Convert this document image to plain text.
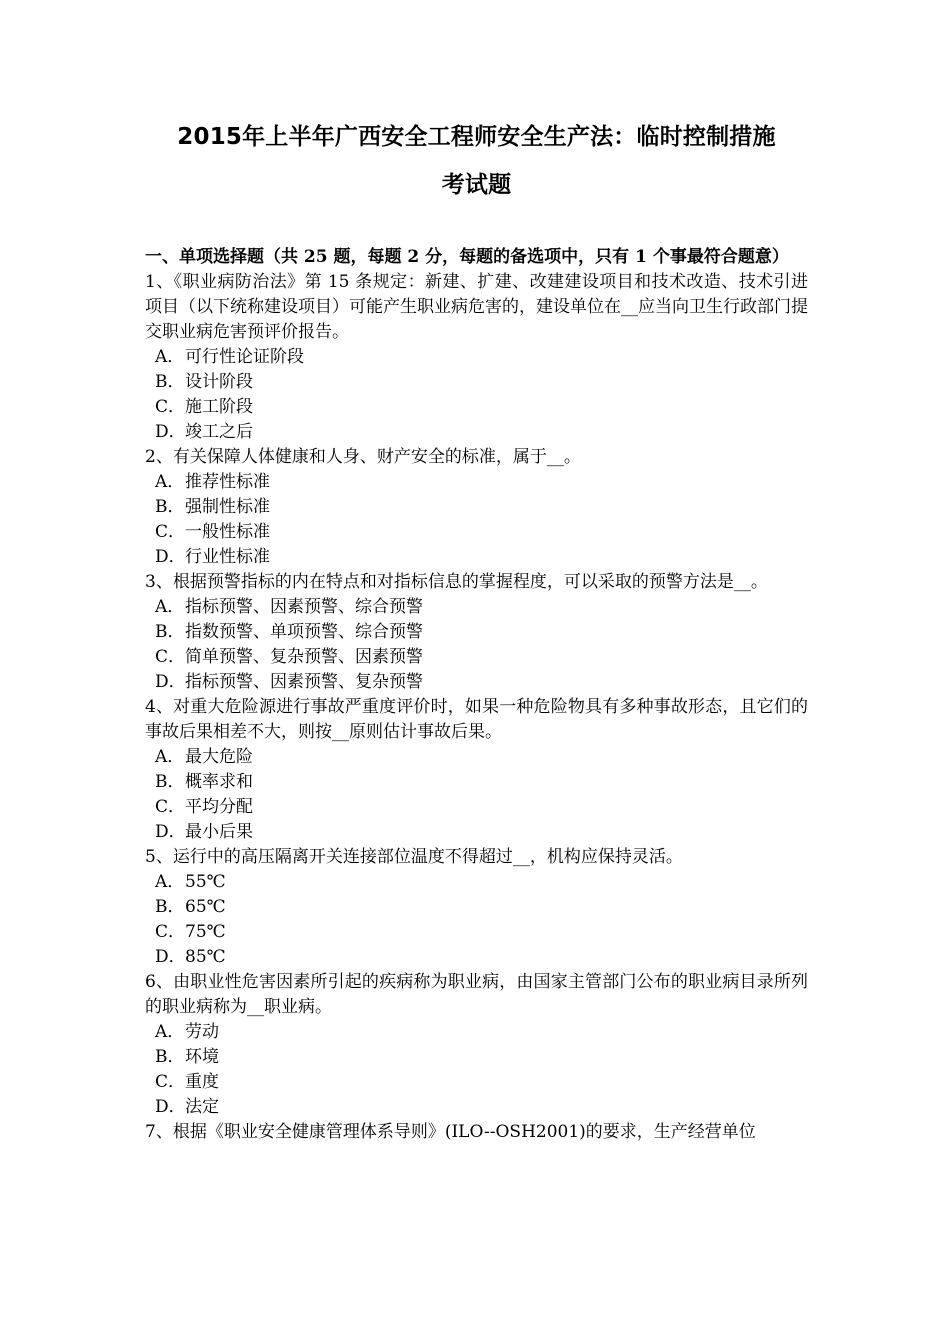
2015年上半年广西安全工程师安全生产法：临时控制措施
考试题
一、单项选择题（共 25 题，每题 2 分，每题的备选项中，只有 1 个事最符合题意）
1、《职业病防治法》第 15 条规定：新建、扩建、改建建设项目和技术改造、技术引进项目（以下统称建设项目）可能产生职业病危害的，建设单位在__应当向卫生行政部门提交职业病危害预评价报告。
A．可行性论证阶段
B．设计阶段
C．施工阶段
D．竣工之后
2、有关保障人体健康和人身、财产安全的标准，属于__。
A．推荐性标准
B．强制性标准
C．一般性标准
D．行业性标准
3、根据预警指标的内在特点和对指标信息的掌握程度，可以采取的预警方法是__。
A．指标预警、因素预警、综合预警
B．指数预警、单项预警、综合预警
C．简单预警、复杂预警、因素预警
D．指标预警、因素预警、复杂预警
4、对重大危险源进行事故严重度评价时，如果一种危险物具有多种事故形态，且它们的事故后果相差不大，则按__原则估计事故后果。
A．最大危险
B．概率求和
C．平均分配
D．最小后果
5、运行中的高压隔离开关连接部位温度不得超过__，机构应保持灵活。
A．55℃
B．65℃
C．75℃
D．85℃
6、由职业性危害因素所引起的疾病称为职业病，由国家主管部门公布的职业病目录所列的职业病称为__职业病。
A．劳动
B．环境
C．重度
D．法定
7、根据《职业安全健康管理体系导则》(ILO--OSH2001)的要求，生产经营单位
